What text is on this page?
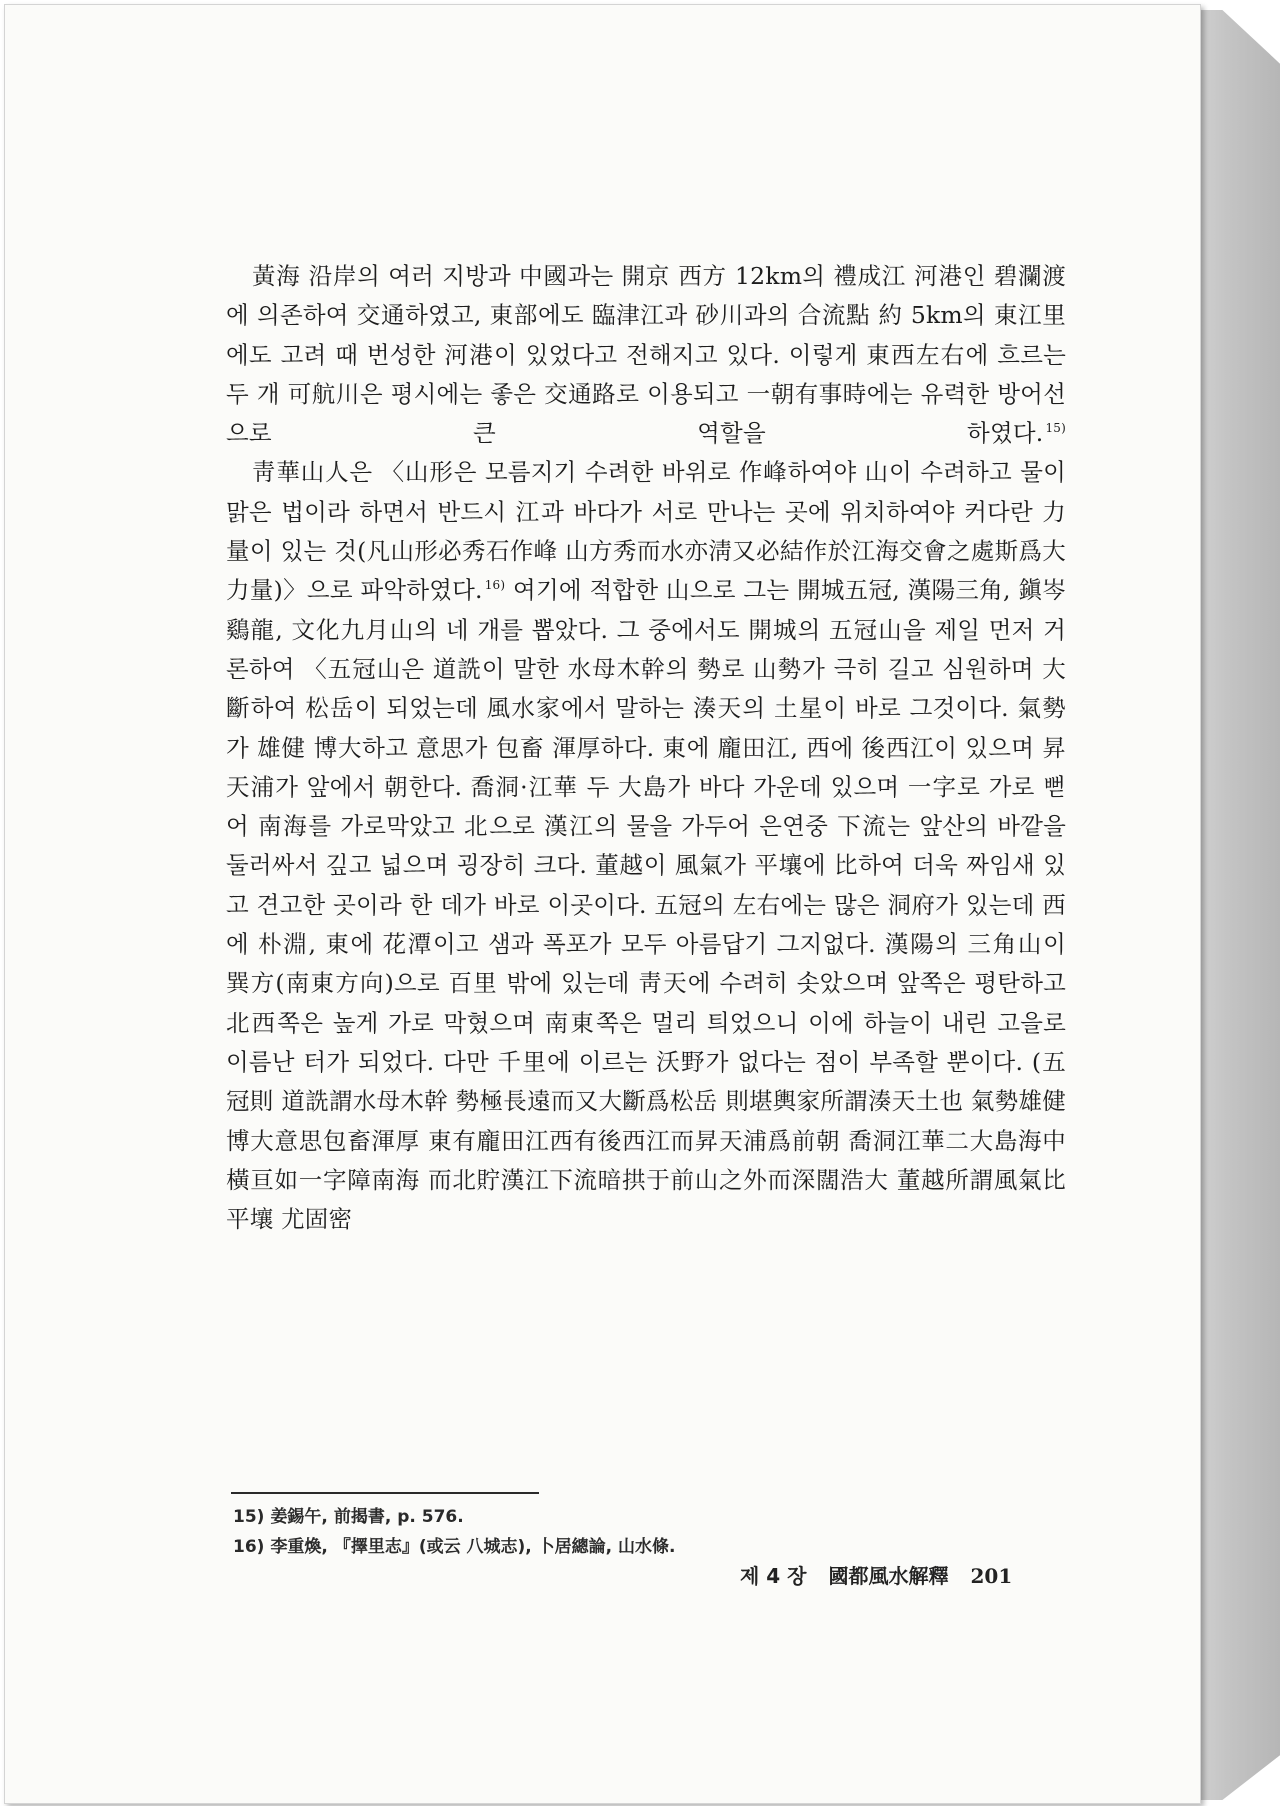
黃海 沿岸의 여러 지방과 中國과는 開京 西方 12km의 禮成江 河港인 碧瀾渡에 의존하여 交通하였고, 東部에도 臨津江과 砂川과의 合流點 約 5km의 東江里에도 고려 때 번성한 河港이 있었다고 전해지고 있다. 이렇게 東西左右에 흐르는 두 개 可航川은 평시에는 좋은 交通路로 이용되고 一朝有事時에는 유력한 방어선으로 큰 역할을 하였다. $^{15)}$

靑華山人은 〈山形은 모름지기 수려한 바위로 作峰하여야 山이 수려하고 물이 맑은 법이라 하면서 반드시 江과 바다가 서로 만나는 곳에 위치하여야 커다란 力量이 있는 것(凡山形必秀石作峰 山方秀而水亦淸又必結作於江海交會之處斯爲大力量)〉으로 파악하였다. $^{16)}$ 여기에 적합한 山으로 그는 開城五冠, 漢陽三角, 鎭岑鷄龍, 文化九月山의 네 개를 뽑았다. 그 중에서도 開城의 五冠山을 제일 먼저 거론하여 〈五冠山은 道詵이 말한 水母木幹의 勢로 山勢가 극히 길고 심원하며 大斷하여 松岳이 되었는데 風水家에서 말하는 湊天의 土星이 바로 그것이다. 氣勢가 雄健 博大하고 意思가 包畜 渾厚하다. 東에 龐田江, 西에 後西江이 있으며 昇天浦가 앞에서 朝한다. 喬洞·江華 두 大島가 바다 가운데 있으며 一字로 가로 뻗어 南海를 가로막았고 北으로 漢江의 물을 가두어 은연중 下流는 앞산의 바깥을 둘러싸서 깊고 넓으며 굉장히 크다. 董越이 風氣가 平壤에 比하여 더욱 짜임새 있고 견고한 곳이라 한 데가 바로 이곳이다. 五冠의 左右에는 많은 洞府가 있는데 西에 朴淵, 東에 花潭이고 샘과 폭포가 모두 아름답기 그지없다. 漢陽의 三角山이 巽方(南東方向)으로 百里 밖에 있는데 靑天에 수려히 솟았으며 앞쪽은 평탄하고 北西쪽은 높게 가로 막혔으며 南東쪽은 멀리 틔었으니 이에 하늘이 내린 고을로 이름난 터가 되었다. 다만 千里에 이르는 沃野가 없다는 점이 부족할 뿐이다. (五冠則 道詵謂水母木幹 勢極長遠而又大斷爲松岳 則堪輿家所謂湊天土也 氣勢雄健博大意思包畜渾厚 東有龐田江西有後西江而昇天浦爲前朝 喬洞江華二大島海中橫亘如一字障南海 而北貯漢江下流暗拱于前山之外而深闊浩大 董越所謂風氣比平壤 尤固密

15) 姜錫午, 前揭書, p. 576.
16) 李重煥, 『擇里志』(或云 八城志), 卜居總論, 山水條.
제 4 장 國都風水解釋 201
